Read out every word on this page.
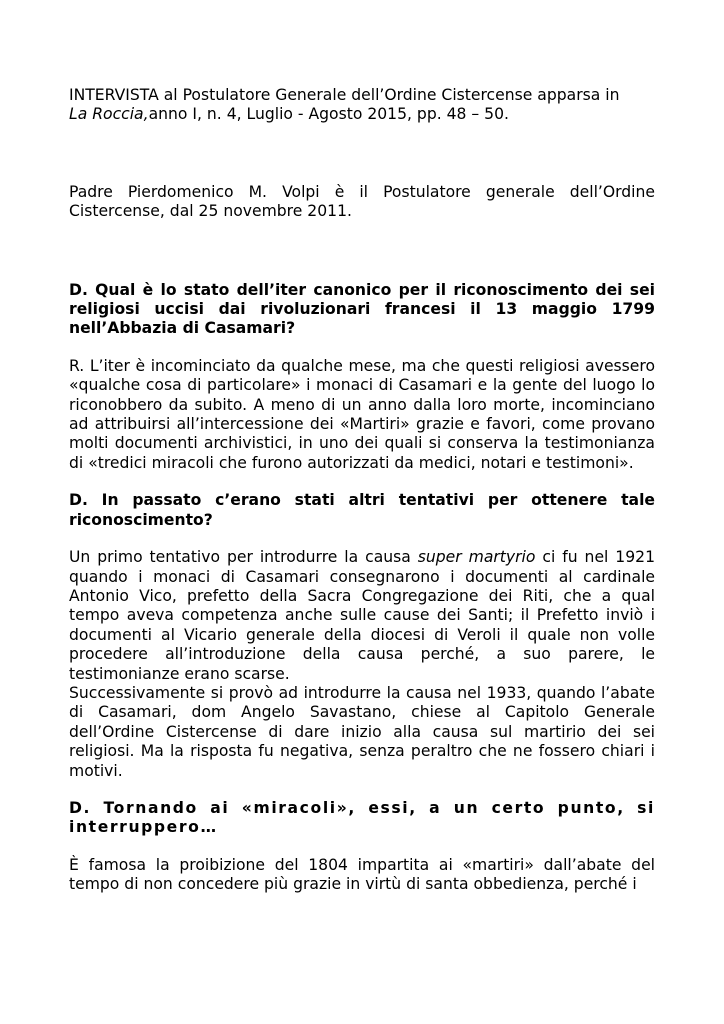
INTERVISTA al Postulatore Generale dell’Ordine Cistercense apparsa in
La Roccia,anno I, n. 4, Luglio - Agosto 2015, pp. 48 – 50.

Padre Pierdomenico M. Volpi è il Postulatore generale dell’Ordine Cistercense, dal 25 novembre 2011.

D. Qual è lo stato dell’iter canonico per il riconoscimento dei sei religiosi uccisi dai rivoluzionari francesi il 13 maggio 1799 nell’Abbazia di Casamari?

R. L’iter è incominciato da qualche mese, ma che questi religiosi avessero «qualche cosa di particolare» i monaci di Casamari e la gente del luogo lo riconobbero da subito. A meno di un anno dalla loro morte, incominciano ad attribuirsi all’intercessione dei «Martiri» grazie e favori, come provano molti documenti archivistici, in uno dei quali si conserva la testimonianza di «tredici miracoli che furono autorizzati da medici, notari e testimoni».

D. In passato c’erano stati altri tentativi per ottenere tale riconoscimento?

Un primo tentativo per introdurre la causa super martyrio ci fu nel 1921 quando i monaci di Casamari consegnarono i documenti al cardinale Antonio Vico, prefetto della Sacra Congregazione dei Riti, che a qual tempo aveva competenza anche sulle cause dei Santi; il Prefetto inviò i documenti al Vicario generale della diocesi di Veroli il quale non volle procedere all’introduzione della causa perché, a suo parere, le testimonianze erano scarse.

Successivamente si provò ad introdurre la causa nel 1933, quando l’abate di Casamari, dom Angelo Savastano, chiese al Capitolo Generale dell’Ordine Cistercense di dare inizio alla causa sul martirio dei sei religiosi. Ma la risposta fu negativa, senza peraltro che ne fossero chiari i motivi.

D. Tornando ai «miracoli», essi, a un certo punto, si interruppero…

È famosa la proibizione del 1804 impartita ai «martiri» dall’abate del tempo di non concedere più grazie in virtù di santa obbedienza, perché i
